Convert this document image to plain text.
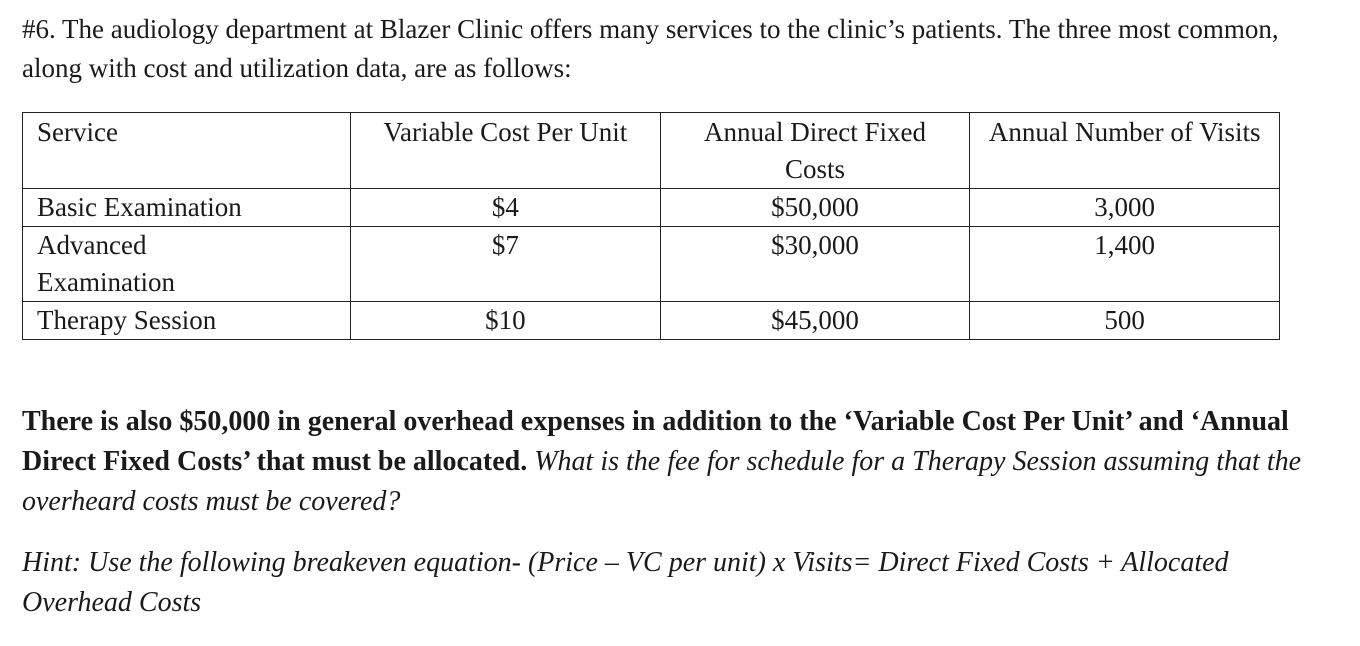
#6. The audiology department at Blazer Clinic offers many services to the clinic’s patients. The three most common, along with cost and utilization data, are as follows:
Service	Variable Cost Per Unit	Annual Direct Fixed Costs	Annual Number of Visits
Basic Examination	$4	$50,000	3,000
Advanced Examination	$7	$30,000	1,400
Therapy Session	$10	$45,000	500
There is also $50,000 in general overhead expenses in addition to the ‘Variable Cost Per Unit’ and ‘Annual Direct Fixed Costs’ that must be allocated. What is the fee for schedule for a Therapy Session assuming that the overheard costs must be covered?
Hint: Use the following breakeven equation- (Price – VC per unit) x Visits= Direct Fixed Costs + Allocated Overhead Costs
